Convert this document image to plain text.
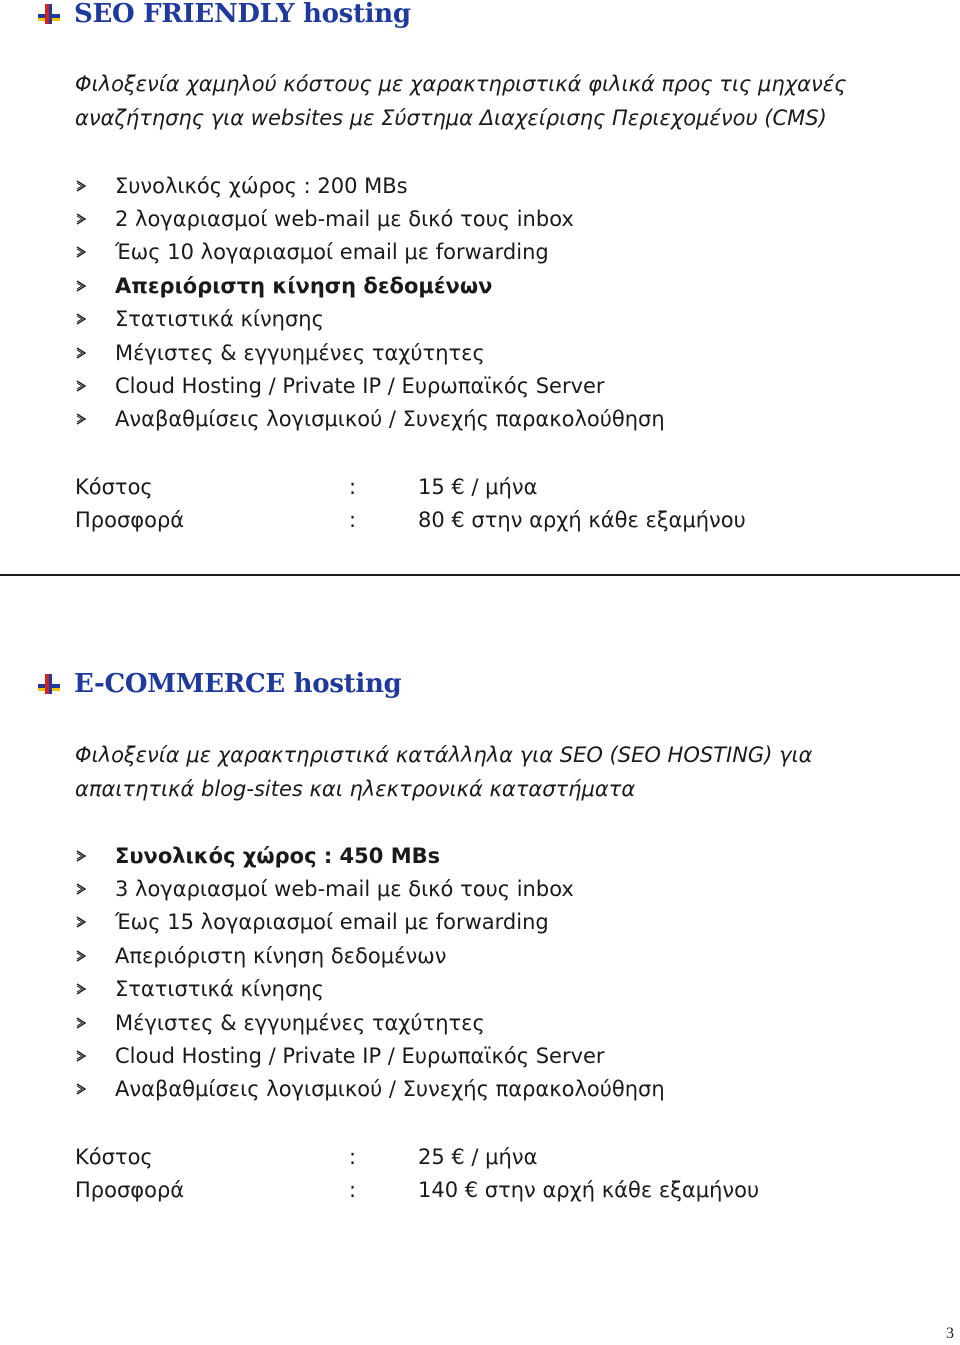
SEO FRIENDLY hosting

Φιλοξενία χαμηλού κόστους με χαρακτηριστικά φιλικά προς τις μηχανές

αναζήτησης για websites με Σύστημα Διαχείρισης Περιεχομένου (CMS)

Συνολικός χώρος : 200 MBs
2 λογαριασμοί web-mail με δικό τους inbox
Έως 10 λογαριασμοί email με forwarding
Απεριόριστη κίνηση δεδομένων
Στατιστικά κίνησης
Μέγιστες & εγγυημένες ταχύτητες
Cloud Hosting / Private IP / Ευρωπαϊκός Server
Αναβαθμίσεις λογισμικού / Συνεχής παρακολούθηση
Κόστος	:	15 € / μήνα
Προσφορά	:	80 € στην αρχή κάθε εξαμήνου
E-COMMERCE hosting

Φιλοξενία με χαρακτηριστικά κατάλληλα για SEO (SEO HOSTING) για

απαιτητικά blog-sites και ηλεκτρονικά καταστήματα

Συνολικός χώρος : 450 MBs
3 λογαριασμοί web-mail με δικό τους inbox
Έως 15 λογαριασμοί email με forwarding
Απεριόριστη κίνηση δεδομένων
Στατιστικά κίνησης
Μέγιστες & εγγυημένες ταχύτητες
Cloud Hosting / Private IP / Ευρωπαϊκός Server
Αναβαθμίσεις λογισμικού / Συνεχής παρακολούθηση
Κόστος	:	25 € / μήνα
Προσφορά	:	140 € στην αρχή κάθε εξαμήνου
3
